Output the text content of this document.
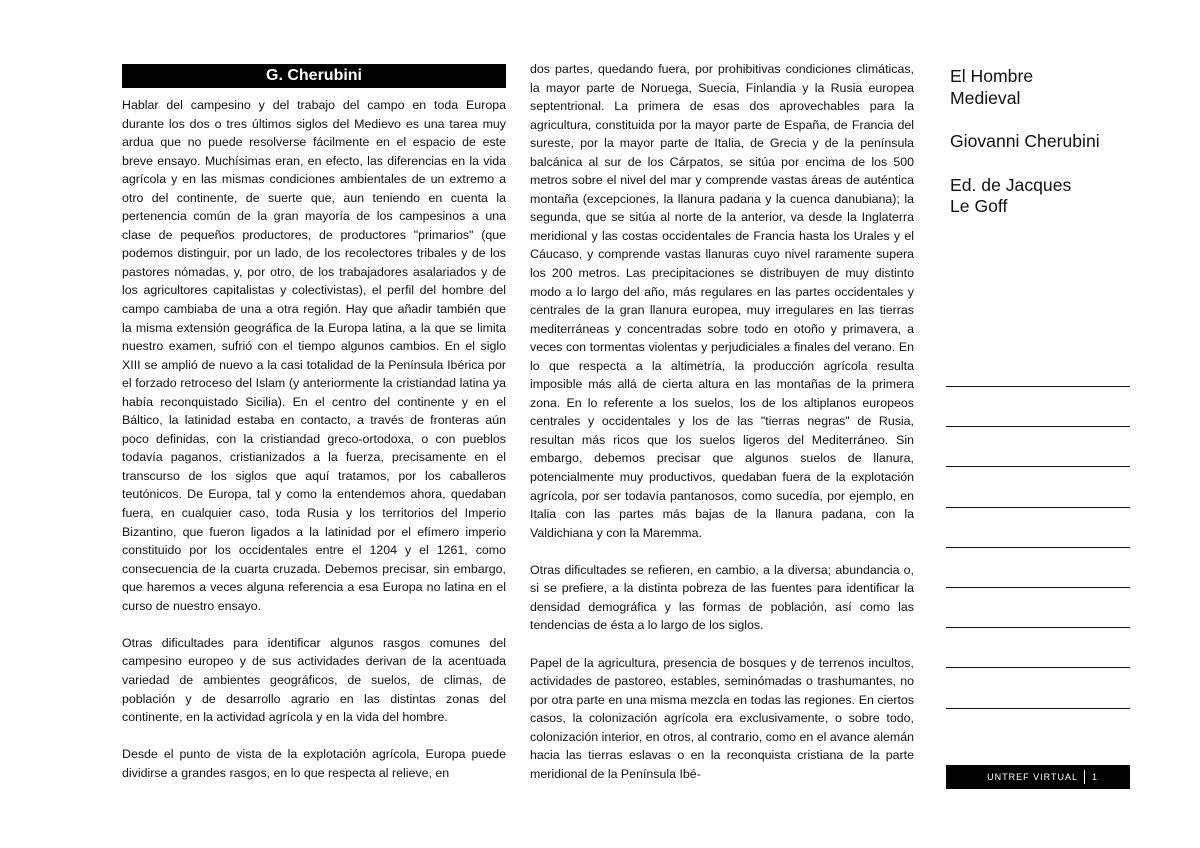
G. Cherubini

Hablar del campesino y del trabajo del campo en toda Europa durante los dos o tres últimos siglos del Medievo es una tarea muy ardua que no puede resolverse fácilmente en el espacio de este breve ensayo. Muchísimas eran, en efecto, las diferencias en la vida agrícola y en las mismas condiciones ambientales de un extremo a otro del continente, de suerte que, aun teniendo en cuenta la pertenencia común de la gran mayoría de los campesinos a una clase de pequeños productores, de productores "primarios" (que podemos distinguir, por un lado, de los recolectores tribales y de los pastores nómadas, y, por otro, de los trabajadores asalariados y de los agricultores capitalistas y colectivistas), el perfil del hombre del campo cambiaba de una a otra región. Hay que añadir también que la misma extensión geográfica de la Europa latina, a la que se limita nuestro examen, sufrió con el tiempo algunos cambios. En el siglo XIII se amplió de nuevo a la casi totalidad de la Península Ibérica por el forzado retroceso del Islam (y anteriormente la cristiandad latina ya había reconquistado Sicilia). En el centro del continente y en el Báltico, la latinidad estaba en contacto, a través de fronteras aún poco definidas, con la cristiandad greco-ortodoxa, o con pueblos todavía paganos, cristianizados a la fuerza, precisamente en el transcurso de los siglos que aquí tratamos, por los caballeros teutónicos. De Europa, tal y como la entendemos ahora, quedaban fuera, en cualquier caso, toda Rusia y los territorios del Imperio Bizantino, que fueron ligados a la latinidad por el efímero imperio constituido por los occidentales entre el 1204 y el 1261, como consecuencia de la cuarta cruzada. Debemos precisar, sin embargo, que haremos a veces alguna referencia a esa Europa no latina en el curso de nuestro ensayo.

Otras dificultades para identificar algunos rasgos comunes del campesino europeo y de sus actividades derivan de la acentuada variedad de ambientes geográficos, de suelos, de climas, de población y de desarrollo agrario en las distintas zonas del continente, en la actividad agrícola y en la vida del hombre.

Desde el punto de vista de la explotación agrícola, Europa puede dividirse a grandes rasgos, en lo que respecta al relieve, en

dos partes, quedando fuera, por prohibitivas condiciones climáticas, la mayor parte de Noruega, Suecia, Finlandia y la Rusia europea septentrional. La primera de esas dos aprovechables para la agricultura, constituida por la mayor parte de España, de Francia del sureste, por la mayor parte de Italia, de Grecia y de la península balcánica al sur de los Cárpatos, se sitúa por encima de los 500 metros sobre el nivel del mar y comprende vastas áreas de auténtica montaña (excepciones, la llanura padana y la cuenca danubiana); la segunda, que se sitúa al norte de la anterior, va desde la Inglaterra meridional y las costas occidentales de Francia hasta los Urales y el Cáucaso, y comprende vastas llanuras cuyo nivel raramente supera los 200 metros. Las precipitaciones se distribuyen de muy distinto modo a lo largo del año, más regulares en las partes occidentales y centrales de la gran llanura europea, muy irregulares en las tierras mediterráneas y concentradas sobre todo en otoño y primavera, a veces con tormentas violentas y perjudiciales a finales del verano. En lo que respecta a la altimetría, la producción agrícola resulta imposible más allá de cierta altura en las montañas de la primera zona. En lo referente a los suelos, los de los altiplanos europeos centrales y occidentales y los de las "tierras negras" de Rusia, resultan más ricos que los suelos ligeros del Mediterráneo. Sin embargo, debemos precisar que algunos suelos de llanura, potencialmente muy productivos, quedaban fuera de la explotación agrícola, por ser todavía pantanosos, como sucedía, por ejemplo, en Italia con las partes más bajas de la llanura padana, con la Valdichiana y con la Maremma.

Otras dificultades se refieren, en cambio, a la diversa; abundancia o, si se prefiere, a la distinta pobreza de las fuentes para identificar la densidad demográfica y las formas de población, así como las tendencias de ésta a lo largo de los siglos.

Papel de la agricultura, presencia de bosques y de terrenos incultos, actividades de pastoreo, estables, seminómadas o trashumantes, no por otra parte en una misma mezcla en todas las regiones. En ciertos casos, la colonización agrícola era exclusivamente, o sobre todo, colonización interior, en otros, al contrario, como en el avance alemán hacia las tierras eslavas o en la reconquista cristiana de la parte meridional de la Península Ibé-

El Hombre
Medieval
Giovanni Cherubini
Ed. de Jacques
Le Goff
UNTREF VIRTUAL 1
